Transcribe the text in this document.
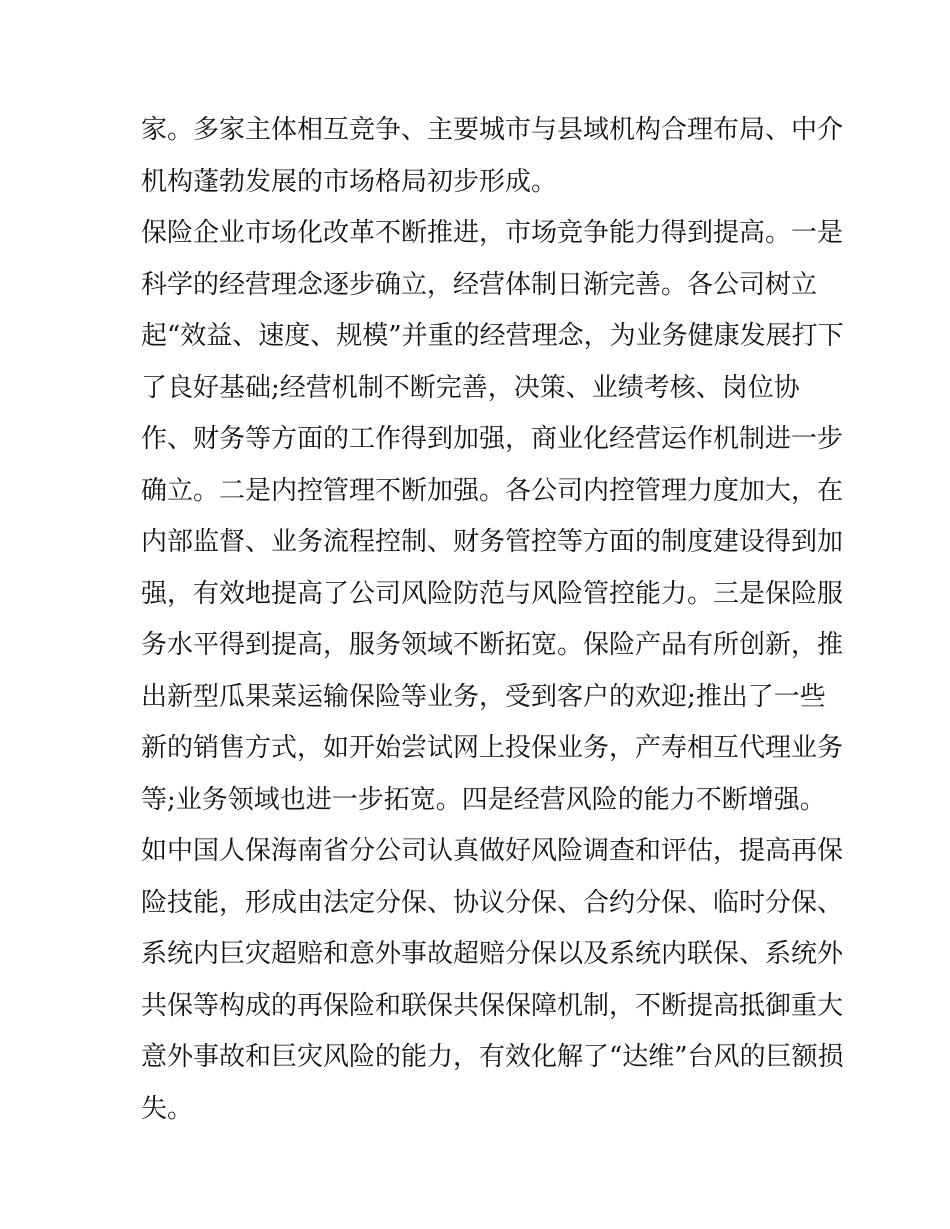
家。多家主体相互竞争、主要城市与县域机构合理布局、中介
机构蓬勃发展的市场格局初步形成。
保险企业市场化改革不断推进，市场竞争能力得到提高。一是
科学的经营理念逐步确立，经营体制日渐完善。各公司树立
起“效益、速度、规模”并重的经营理念，为业务健康发展打下
了良好基础;经营机制不断完善，决策、业绩考核、岗位协
作、财务等方面的工作得到加强，商业化经营运作机制进一步
确立。二是内控管理不断加强。各公司内控管理力度加大，在
内部监督、业务流程控制、财务管控等方面的制度建设得到加
强，有效地提高了公司风险防范与风险管控能力。三是保险服
务水平得到提高，服务领域不断拓宽。保险产品有所创新，推
出新型瓜果菜运输保险等业务，受到客户的欢迎;推出了一些
新的销售方式，如开始尝试网上投保业务，产寿相互代理业务
等;业务领域也进一步拓宽。四是经营风险的能力不断增强。
如中国人保海南省分公司认真做好风险调查和评估，提高再保
险技能，形成由法定分保、协议分保、合约分保、临时分保、
系统内巨灾超赔和意外事故超赔分保以及系统内联保、系统外
共保等构成的再保险和联保共保保障机制，不断提高抵御重大
意外事故和巨灾风险的能力，有效化解了“达维”台风的巨额损
失。
